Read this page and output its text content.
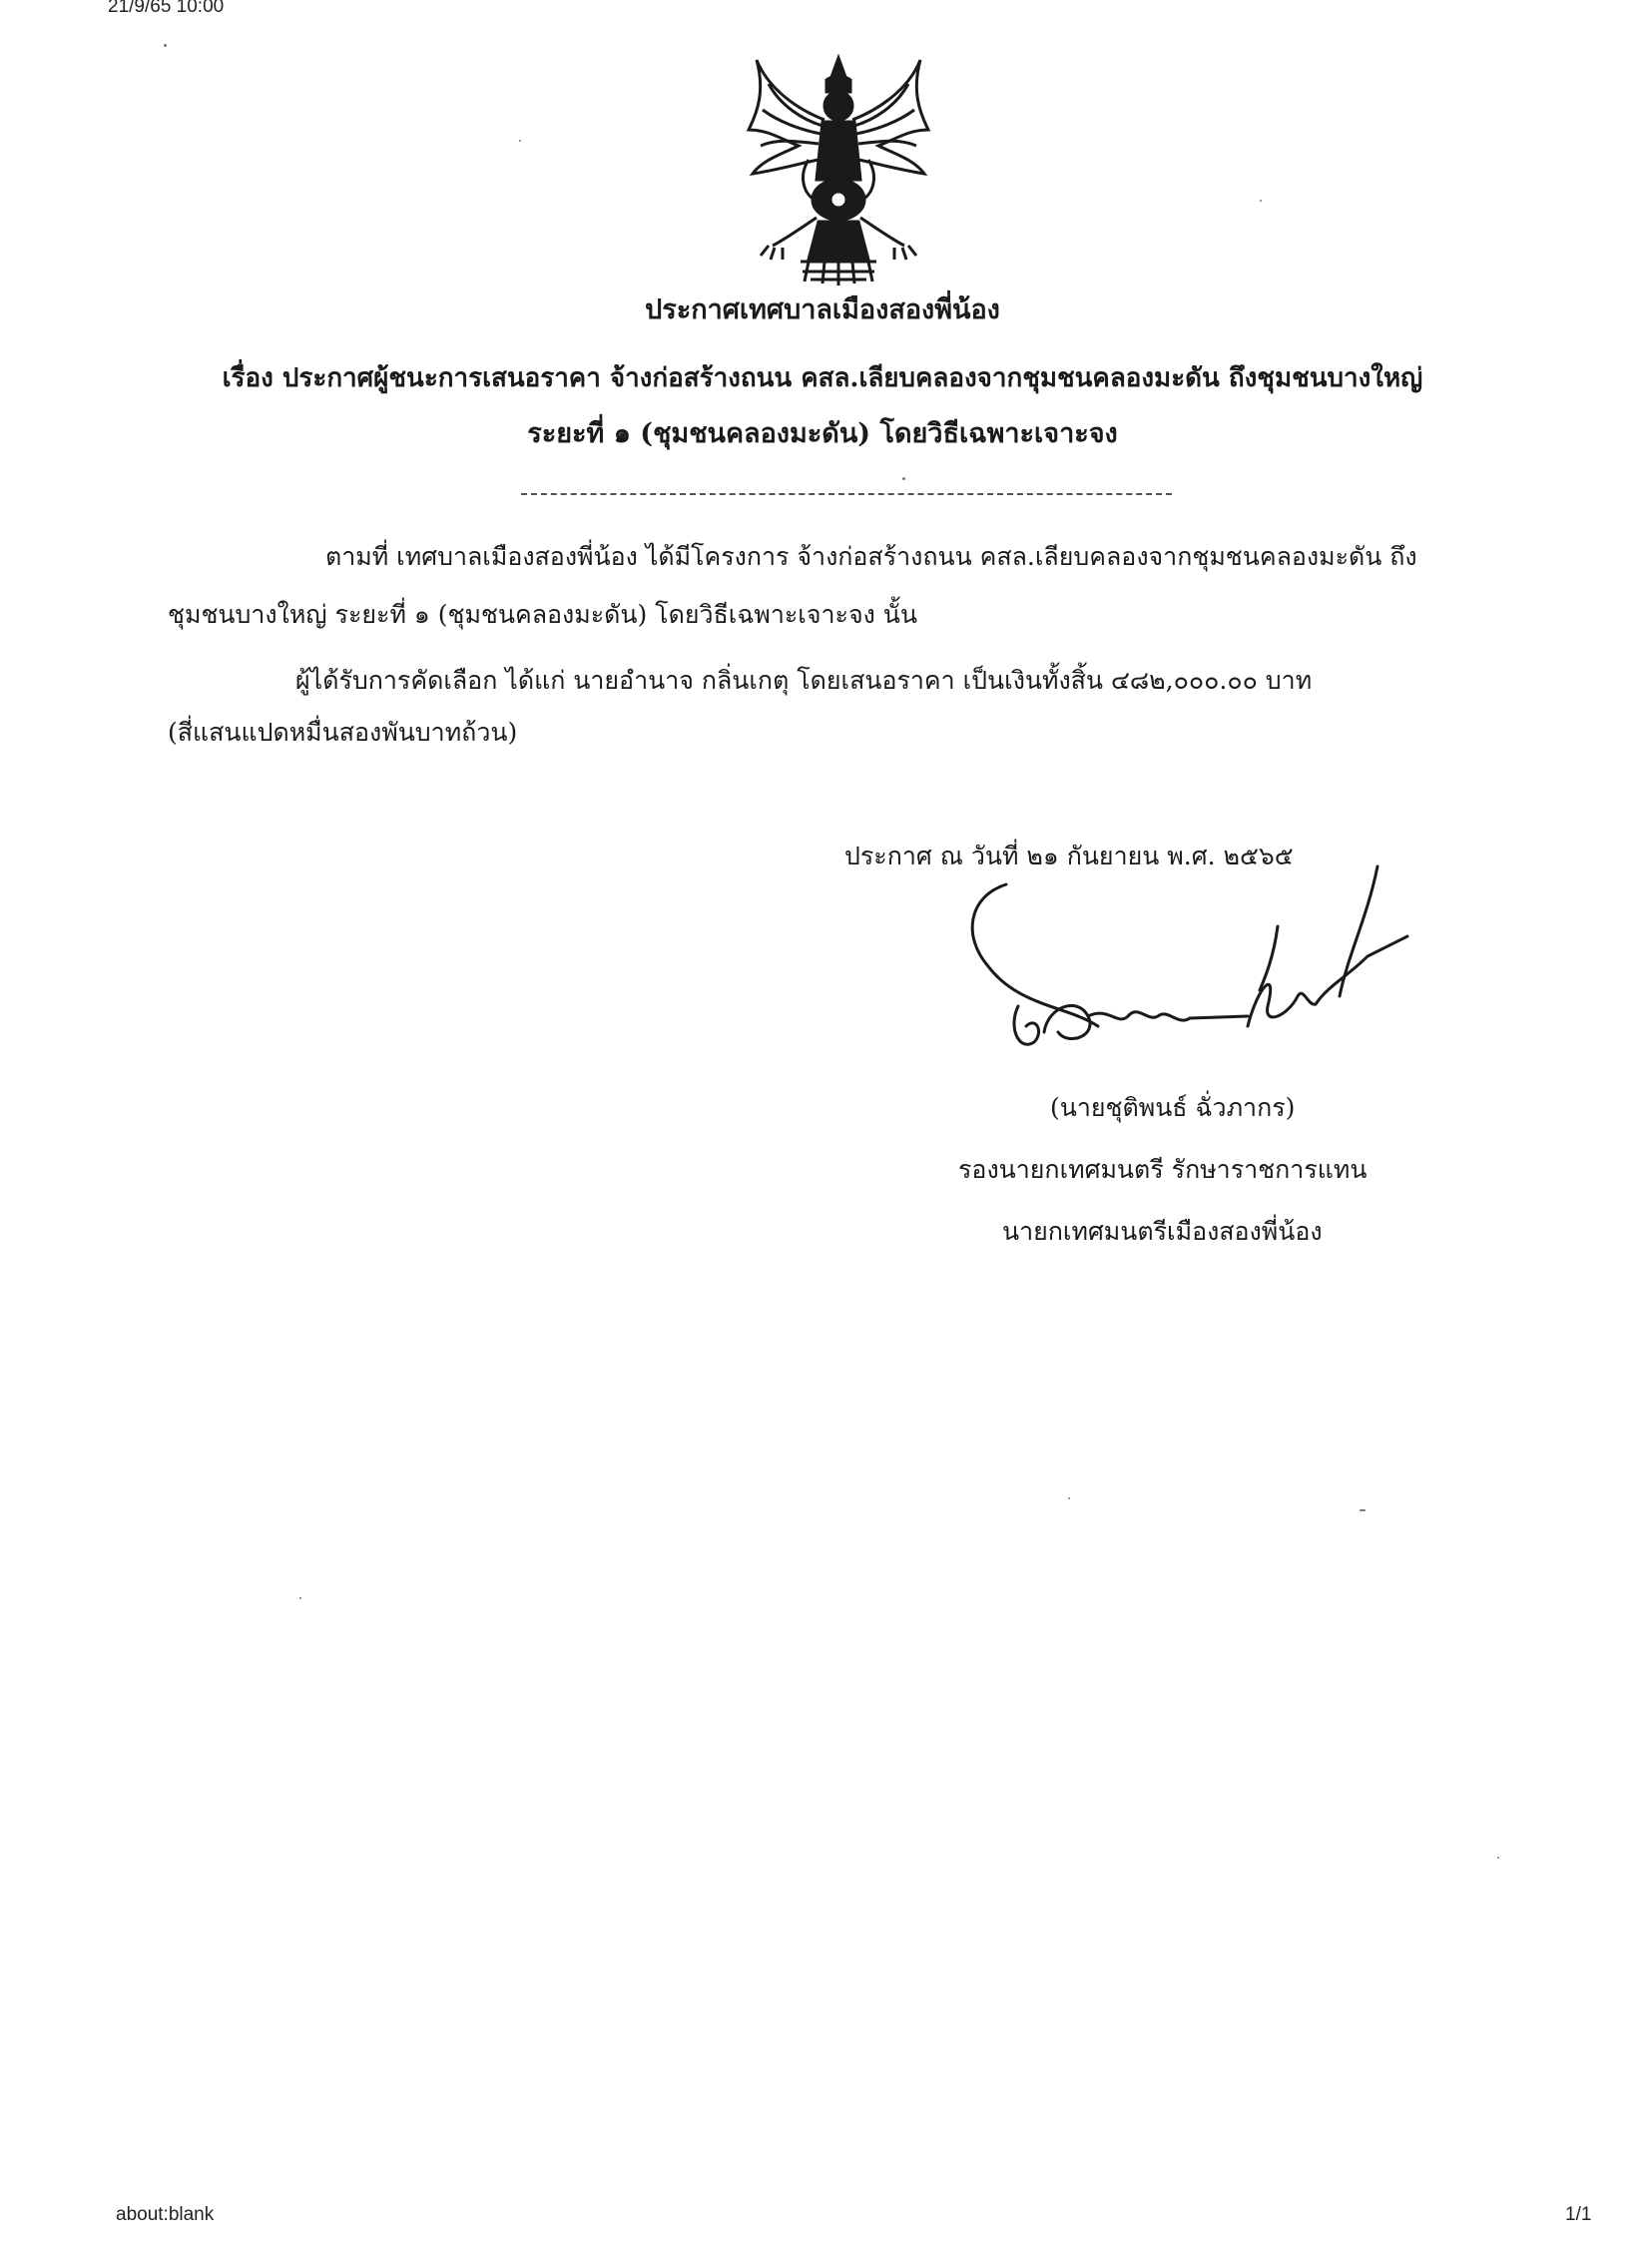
21/9/65 10:00
ประกาศเทศบาลเมืองสองพี่น้อง
เรื่อง ประกาศผู้ชนะการเสนอราคา จ้างก่อสร้างถนน คสล.เลียบคลองจากชุมชนคลองมะดัน ถึงชุมชนบางใหญ่
ระยะที่ ๑ (ชุมชนคลองมะดัน) โดยวิธีเฉพาะเจาะจง
ตามที่ เทศบาลเมืองสองพี่น้อง ได้มีโครงการ จ้างก่อสร้างถนน คสล.เลียบคลองจากชุมชนคลองมะดัน ถึง
ชุมชนบางใหญ่ ระยะที่ ๑ (ชุมชนคลองมะดัน) โดยวิธีเฉพาะเจาะจง นั้น
ผู้ได้รับการคัดเลือก ได้แก่ นายอำนาจ กลิ่นเกตุ โดยเสนอราคา เป็นเงินทั้งสิ้น ๔๘๒,๐๐๐.๐๐ บาท
(สี่แสนแปดหมื่นสองพันบาทถ้วน)
ประกาศ ณ วันที่ ๒๑ กันยายน พ.ศ. ๒๕๖๕
(นายชุติพนธ์ ฉั่วภากร)
รองนายกเทศมนตรี รักษาราชการแทน
นายกเทศมนตรีเมืองสองพี่น้อง
about:blank	1/1
